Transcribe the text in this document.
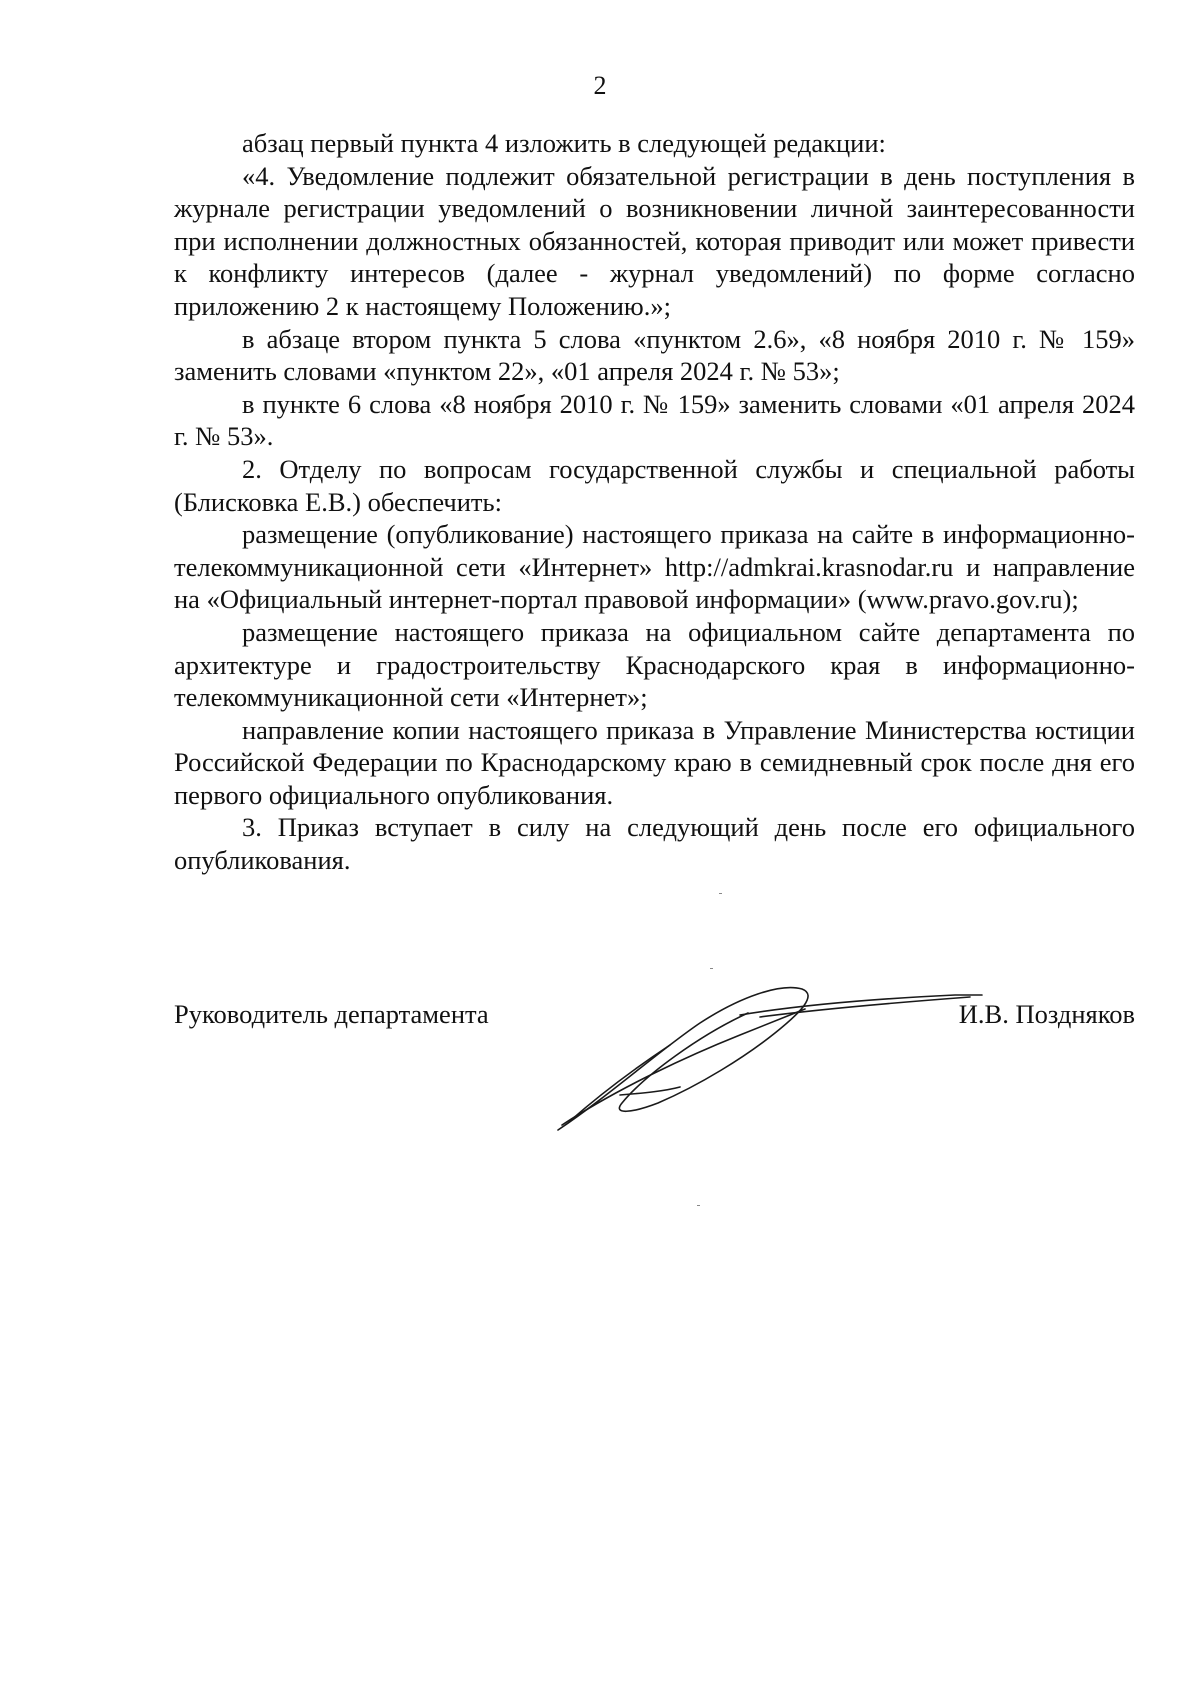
2

абзац первый пункта 4 изложить в следующей редакции:

«4. Уведомление подлежит обязательной регистрации в день поступления в журнале регистрации уведомлений о возникновении личной заинтересованности при исполнении должностных обязанностей, которая приводит или может привести к конфликту интересов (далее - журнал уведомлений) по форме согласно приложению 2 к настоящему Положению.»;

в абзаце втором пункта 5 слова «пунктом 2.6», «8 ноября 2010 г. № 159» заменить словами «пунктом 22», «01 апреля 2024 г. № 53»;

в пункте 6 слова «8 ноября 2010 г. № 159» заменить словами «01 апреля 2024 г. № 53».

2. Отделу по вопросам государственной службы и специальной работы (Блисковка Е.В.) обеспечить:

размещение (опубликование) настоящего приказа на сайте в информационно-телекоммуникационной сети «Интернет» http://admkrai.krasnodar.ru и направление на «Официальный интернет-портал правовой информации» (www.pravo.gov.ru);

размещение настоящего приказа на официальном сайте департамента по архитектуре и градостроительству Краснодарского края в информационно-телекоммуникационной сети «Интернет»;

направление копии настоящего приказа в Управление Министерства юстиции Российской Федерации по Краснодарскому краю в семидневный срок после дня его первого официального опубликования.

3. Приказ вступает в силу на следующий день после его официального опубликования.

Руководитель департамента	И.В. Поздняков
